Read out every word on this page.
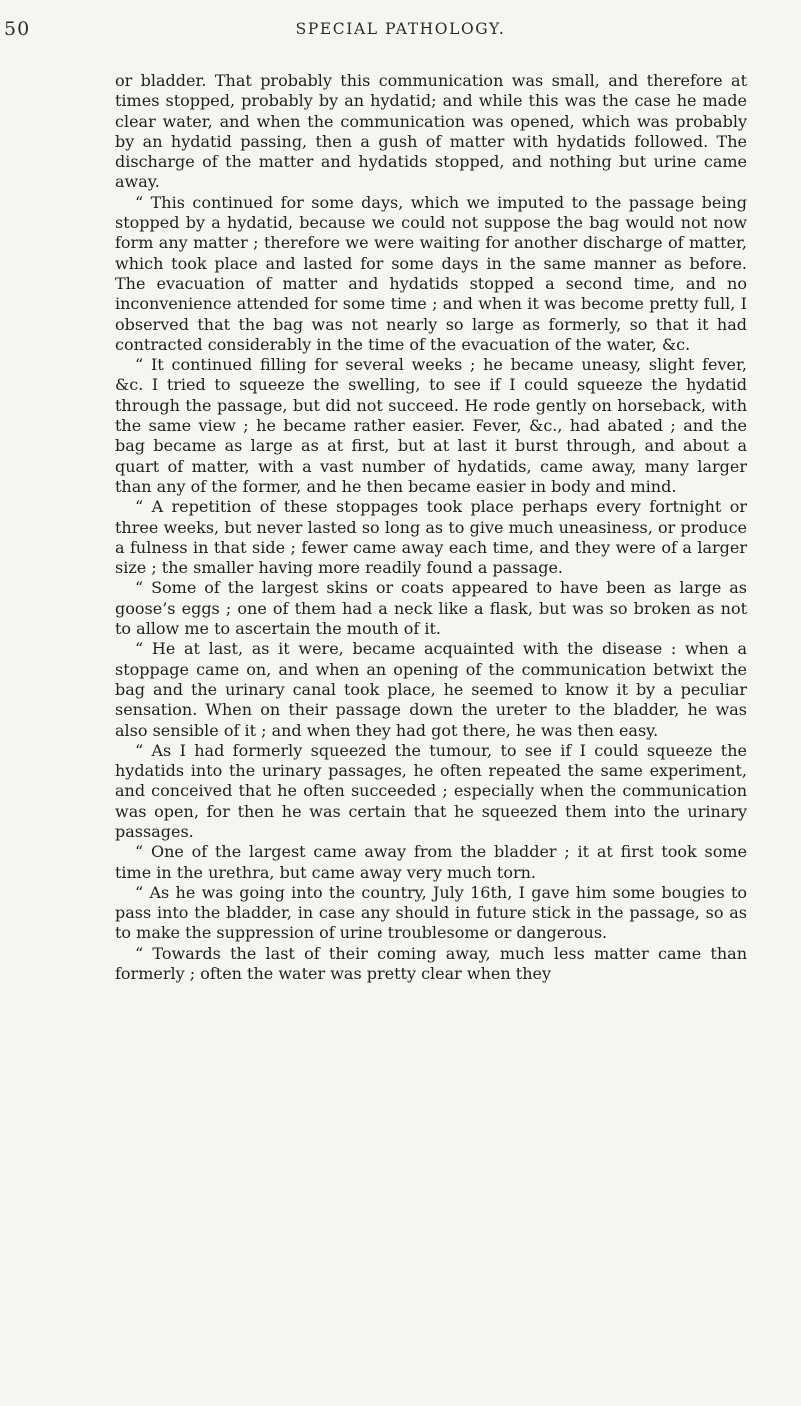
50	SPECIAL PATHOLOGY.

or bladder. That probably this communication was small, and therefore at times stopped, probably by an hydatid; and while this was the case he made clear water, and when the communication was opened, which was probably by an hydatid passing, then a gush of matter with hydatids followed. The discharge of the matter and hydatids stopped, and nothing but urine came away.

“ This continued for some days, which we imputed to the passage being stopped by a hydatid, because we could not suppose the bag would not now form any matter ; therefore we were waiting for another discharge of matter, which took place and lasted for some days in the same manner as before. The evacuation of matter and hydatids stopped a second time, and no inconvenience attended for some time ; and when it was become pretty full, I observed that the bag was not nearly so large as formerly, so that it had contracted considerably in the time of the evacuation of the water, &c.

“ It continued filling for several weeks ; he became uneasy, slight fever, &c. I tried to squeeze the swelling, to see if I could squeeze the hydatid through the passage, but did not succeed. He rode gently on horseback, with the same view ; he became rather easier. Fever, &c., had abated ; and the bag became as large as at first, but at last it burst through, and about a quart of matter, with a vast number of hydatids, came away, many larger than any of the former, and he then became easier in body and mind.

“ A repetition of these stoppages took place perhaps every fortnight or three weeks, but never lasted so long as to give much uneasiness, or produce a fulness in that side ; fewer came away each time, and they were of a larger size ; the smaller having more readily found a passage.

“ Some of the largest skins or coats appeared to have been as large as goose’s eggs ; one of them had a neck like a flask, but was so broken as not to allow me to ascertain the mouth of it.

“ He at last, as it were, became acquainted with the disease : when a stoppage came on, and when an opening of the communication betwixt the bag and the urinary canal took place, he seemed to know it by a peculiar sensation. When on their passage down the ureter to the bladder, he was also sensible of it ; and when they had got there, he was then easy.

“ As I had formerly squeezed the tumour, to see if I could squeeze the hydatids into the urinary passages, he often repeated the same experiment, and conceived that he often succeeded ; especially when the communication was open, for then he was certain that he squeezed them into the urinary passages.

“ One of the largest came away from the bladder ; it at first took some time in the urethra, but came away very much torn.

“ As he was going into the country, July 16th, I gave him some bougies to pass into the bladder, in case any should in future stick in the passage, so as to make the suppression of urine troublesome or dangerous.

“ Towards the last of their coming away, much less matter came than formerly ; often the water was pretty clear when they
